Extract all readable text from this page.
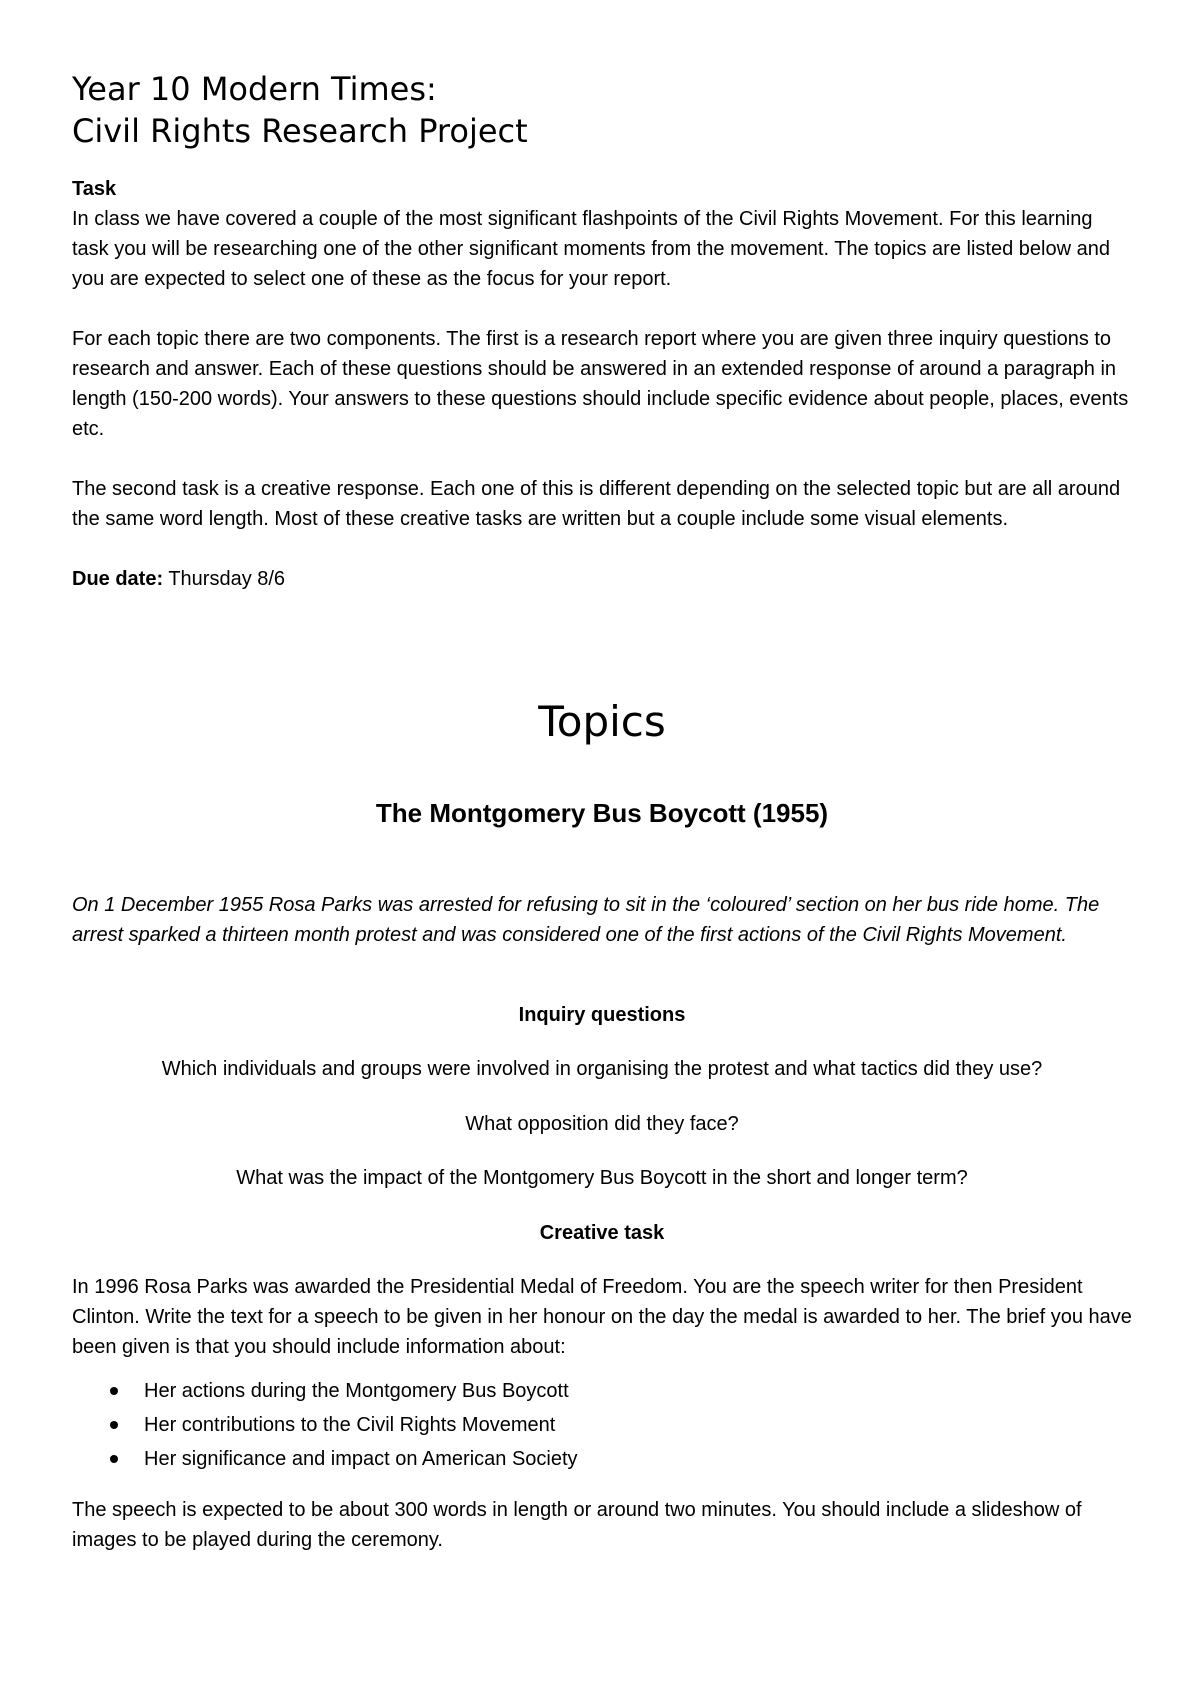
Year 10 Modern Times:

Civil Rights Research Project

Task

In class we have covered a couple of the most significant flashpoints of the Civil Rights Movement. For this learning task you will be researching one of the other significant moments from the movement. The topics are listed below and you are expected to select one of these as the focus for your report.

For each topic there are two components. The first is a research report where you are given three inquiry questions to research and answer. Each of these questions should be answered in an extended response of around a paragraph in length (150-200 words). Your answers to these questions should include specific evidence about people, places, events etc.

The second task is a creative response. Each one of this is different depending on the selected topic but are all around the same word length. Most of these creative tasks are written but a couple include some visual elements.

Due date: Thursday 8/6

Topics

The Montgomery Bus Boycott (1955)

On 1 December 1955 Rosa Parks was arrested for refusing to sit in the ‘coloured’ section on her bus ride home. The arrest sparked a thirteen month protest and was considered one of the first actions of the Civil Rights Movement.

Inquiry questions

Which individuals and groups were involved in organising the protest and what tactics did they use?

What opposition did they face?

What was the impact of the Montgomery Bus Boycott in the short and longer term?

Creative task

In 1996 Rosa Parks was awarded the Presidential Medal of Freedom. You are the speech writer for then President Clinton. Write the text for a speech to be given in her honour on the day the medal is awarded to her. The brief you have been given is that you should include information about:

Her actions during the Montgomery Bus Boycott
Her contributions to the Civil Rights Movement
Her significance and impact on American Society

The speech is expected to be about 300 words in length or around two minutes. You should include a slideshow of images to be played during the ceremony.
